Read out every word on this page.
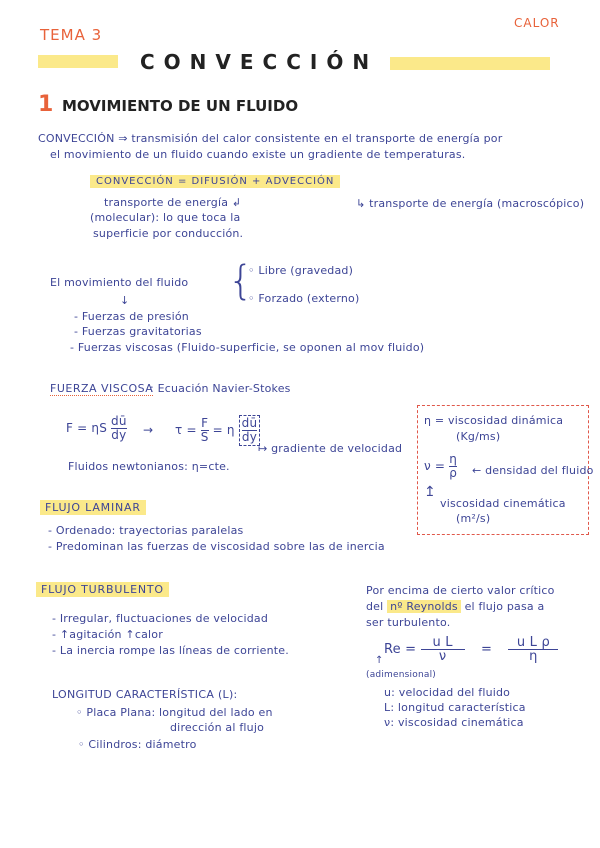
TEMA 3
CALOR
CONVECCIÓN
1 MOVIMIENTO DE UN FLUIDO
CONVECCIÓN ⇒ transmisión del calor consistente en el transporte de energía por
el movimiento de un fluido cuando existe un gradiente de temperaturas.
CONVECCIÓN = DIFUSIÓN + ADVECCIÓN
transporte de energía ↲
(molecular): lo que toca la
superficie por conducción.
↳ transporte de energía (macroscópico)
El movimiento del fluido {
◦ Libre (gravedad)
◦ Forzado (externo)
↓
- Fuerzas de presión
- Fuerzas gravitatorias
- Fuerzas viscosas (Fluido-superficie, se oponen al mov fluido)
FUERZA VISCOSA
: Ecuación Navier-Stokes
F = ηS $\frac{dū}{dy} \to \tau = \frac{F}{S} = \eta \frac{dū}{dy}$
↦ gradiente de velocidad
Fluidos newtonianos: η=cte.
η = viscosidad dinámica
(Kg/ms)
$\nu = \frac{\eta}{\rho}$ ← densidad del fluido
↥
viscosidad cinemática
(m²/s)
FLUJO LAMINAR
- Ordenado: trayectorias paralelas
- Predominan las fuerzas de viscosidad sobre las de inercia
FLUJO TURBULENTO
- Irregular, fluctuaciones de velocidad
- ↑agitación ↑calor
- La inercia rompe las líneas de corriente.
Por encima de cierto valor crítico
del nº Reynolds el flujo pasa a
ser turbulento.
$Re = \frac{\text{u L}}{\nu} = \frac{\text{u L ρ}}{\eta}$
↑
(adimensional)
u: velocidad del fluido
L: longitud característica
ν: viscosidad cinemática
LONGITUD CARACTERÍSTICA (L):
◦ Placa Plana: longitud del lado en
dirección al flujo
◦ Cilindros: diámetro
